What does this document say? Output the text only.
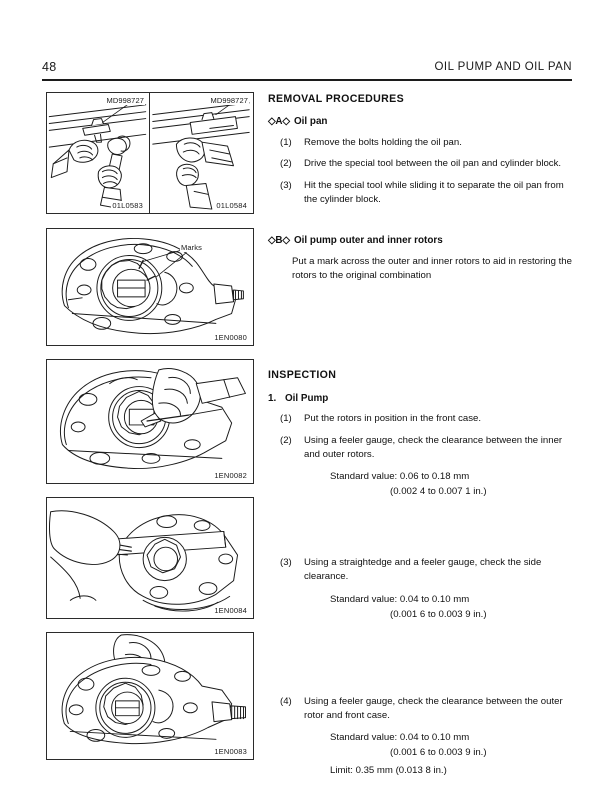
48	OIL PUMP AND OIL PAN
MD998727
01L0583
MD998727
01L0584
Marks
1EN0080
1EN0082
1EN0084
1EN0083
REMOVAL PROCEDURES
◇A◇ Oil pan
(1)	Remove the bolts holding the oil pan.
(2)	Drive the special tool between the oil pan and cylinder block.
(3)	Hit the special tool while sliding it to separate the oil pan from the cylinder block.
◇B◇ Oil pump outer and inner rotors
Put a mark across the outer and inner rotors to aid in restoring the rotors to the original combination
INSPECTION
1. Oil Pump
(1)	Put the rotors in position in the front case.
(2)	Using a feeler gauge, check the clearance between the inner and outer rotors.
Standard value: 0.06 to 0.18 mm
(0.002 4 to 0.007 1 in.)
(3)	Using a straightedge and a feeler gauge, check the side clearance.
Standard value: 0.04 to 0.10 mm
(0.001 6 to 0.003 9 in.)
(4)	Using a feeler gauge, check the clearance between the outer rotor and front case.
Standard value: 0.04 to 0.10 mm
(0.001 6 to 0.003 9 in.)
Limit: 0.35 mm (0.013 8 in.)
